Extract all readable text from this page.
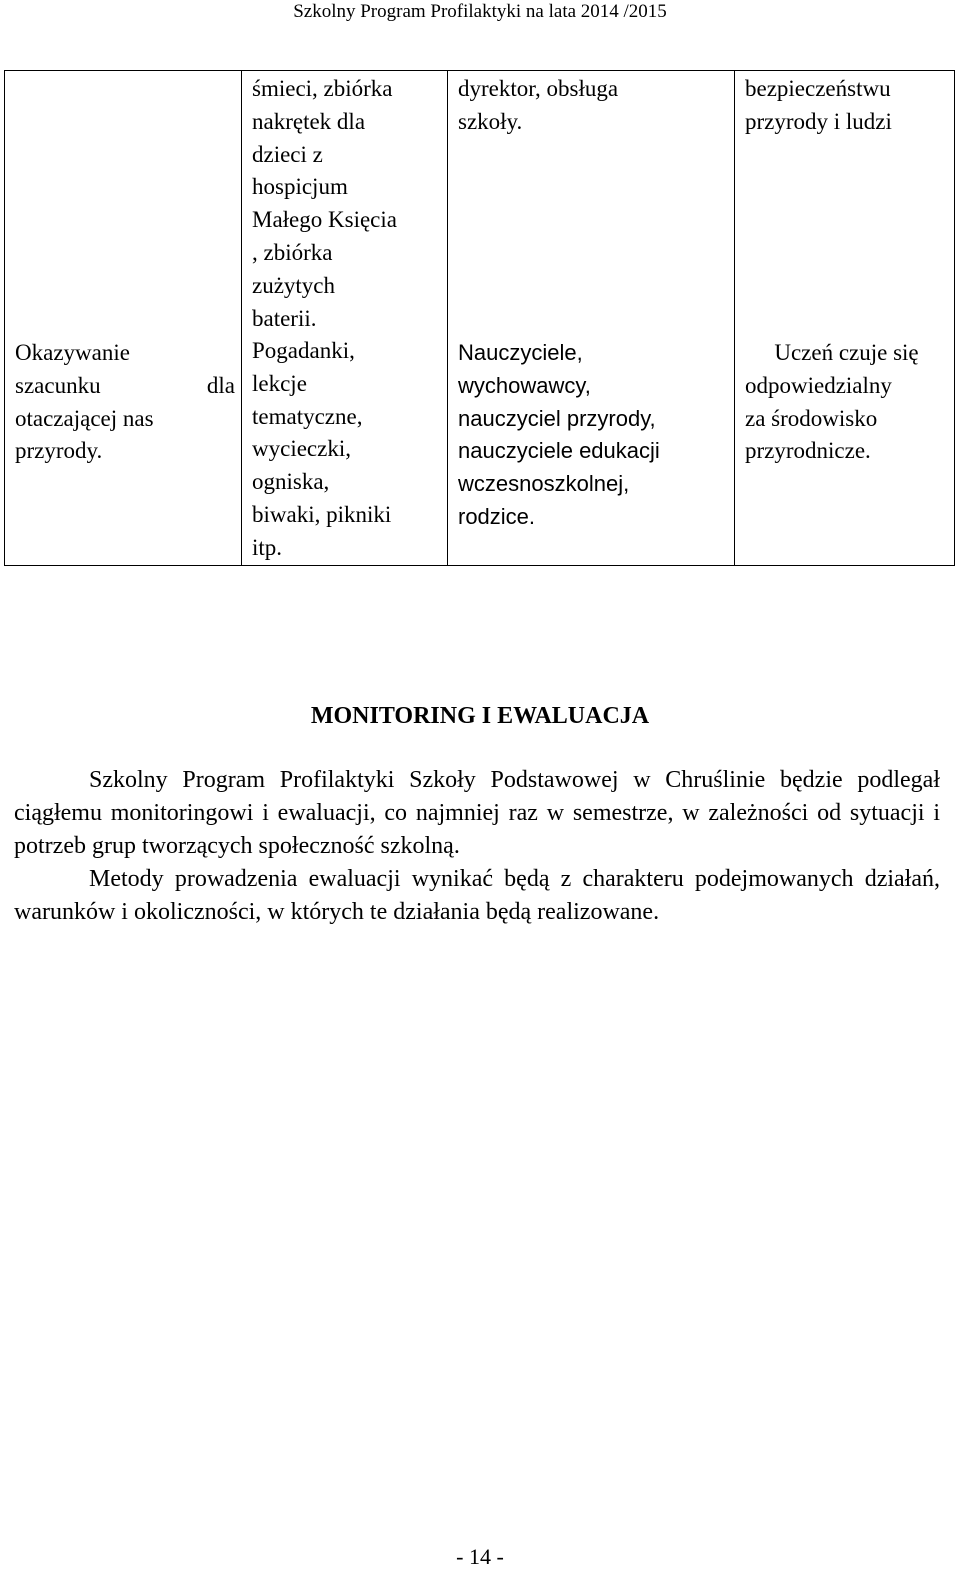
Szkolny Program Profilaktyki na lata 2014 /2015
Okazywanie
szacunku dla
otaczającej nas
przyrody.

śmieci, zbiórka
nakrętek dla
dzieci z
hospicjum
Małego Księcia
, zbiórka
zużytych
baterii.
Pogadanki,
lekcje
tematyczne,
wycieczki,
ogniska,
biwaki, pikniki
itp.

dyrektor, obsługa
szkoły.
Nauczyciele,
wychowawcy,
nauczyciel przyrody,
nauczyciele edukacji
wczesnoszkolnej,
rodzice.

bezpieczeństwu
przyrody i ludzi
Uczeń czuje się
odpowiedzialny
za środowisko
przyrodnicze.
MONITORING I EWALUACJA

Szkolny Program Profilaktyki Szkoły Podstawowej w Chruślinie będzie podlegał ciągłemu monitoringowi i ewaluacji, co najmniej raz w semestrze, w zależności od sytuacji i potrzeb grup tworzących społeczność szkolną.

Metody prowadzenia ewaluacji wynikać będą z charakteru podejmowanych działań, warunków i okoliczności, w których te działania będą realizowane.

- 14 -
